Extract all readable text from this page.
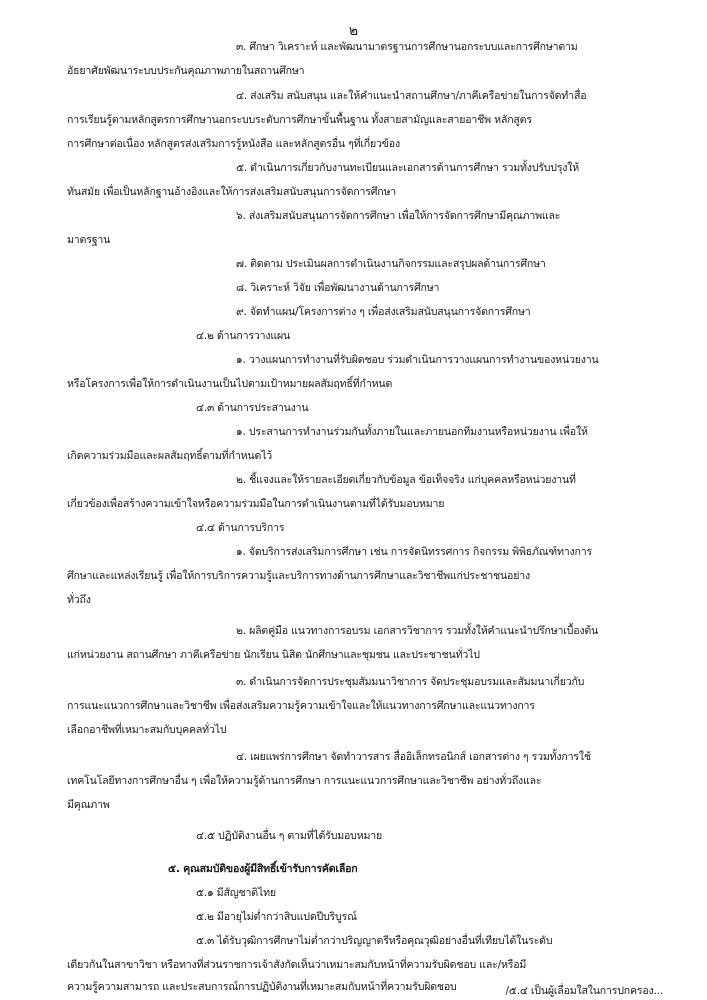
๒
๓. ศึกษา วิเคราะห์ และพัฒนามาตรฐานการศึกษานอกระบบและการศึกษาตาม
อัธยาศัยพัฒนาระบบประกันคุณภาพภายในสถานศึกษา
๔. ส่งเสริม สนับสนุน และให้คำแนะนำสถานศึกษา/ภาคีเครือข่ายในการจัดทำสื่อ
การเรียนรู้ตามหลักสูตรการศึกษานอกระบบระดับการศึกษาขั้นพื้นฐาน ทั้งสายสามัญและสายอาชีพ หลักสูตร
การศึกษาต่อเนื่อง หลักสูตรส่งเสริมการรู้หนังสือ และหลักสูตรอื่น ๆที่เกี่ยวข้อง
๕. ดำเนินการเกี่ยวกับงานทะเบียนและเอกสารด้านการศึกษา รวมทั้งปรับปรุงให้
ทันสมัย เพื่อเป็นหลักฐานอ้างอิงและให้การส่งเสริมสนับสนุนการจัดการศึกษา
๖. ส่งเสริมสนับสนุนการจัดการศึกษา เพื่อให้การจัดการศึกษามีคุณภาพและ
มาตรฐาน
๗. ติดตาม ประเมินผลการดำเนินงานกิจกรรมและสรุปผลด้านการศึกษา
๘. วิเคราะห์ วิจัย เพื่อพัฒนางานด้านการศึกษา
๙. จัดทำแผน/โครงการต่าง ๆ เพื่อส่งเสริมสนับสนุนการจัดการศึกษา
๔.๒ ด้านการวางแผน
๑. วางแผนการทำงานที่รับผิดชอบ ร่วมดำเนินการวางแผนการทำงานของหน่วยงาน
หรือโครงการเพื่อให้การดำเนินงานเป็นไปตามเป้าหมายผลสัมฤทธิ์ที่กำหนด
๔.๓ ด้านการประสานงาน
๑. ประสานการทำงานร่วมกันทั้งภายในและภายนอกทีมงานหรือหน่วยงาน เพื่อให้
เกิดความร่วมมือและผลสัมฤทธิ์ตามที่กำหนดไว้
๒. ชี้แจงและให้รายละเอียดเกี่ยวกับข้อมูล ข้อเท็จจริง แก่บุคคลหรือหน่วยงานที่
เกี่ยวข้องเพื่อสร้างความเข้าใจหรือความร่วมมือในการดำเนินงานตามที่ได้รับมอบหมาย
๔.๔ ด้านการบริการ
๑. จัดบริการส่งเสริมการศึกษา เช่น การจัดนิทรรศการ กิจกรรม พิพิธภัณฑ์ทางการ
ศึกษาและแหล่งเรียนรู้ เพื่อให้การบริการความรู้และบริการทางด้านการศึกษาและวิชาชีพแก่ประชาชนอย่าง
ทั่วถึง
๒. ผลิตคู่มือ แนวทางการอบรม เอกสารวิชาการ รวมทั้งให้คำแนะนำปรึกษาเบื้องต้น
แก่หน่วยงาน สถานศึกษา ภาคีเครือข่าย นักเรียน นิสิต นักศึกษาและชุมชน และประชาชนทั่วไป
๓. ดำเนินการจัดการประชุมสัมมนาวิชาการ จัดประชุมอบรมและสัมมนาเกี่ยวกับ
การแนะแนวการศึกษาและวิชาชีพ เพื่อส่งเสริมความรู้ความเข้าใจและให้แนวทางการศึกษาและแนวทางการ
เลือกอาชีพที่เหมาะสมกับบุคคลทั่วไป
๔. เผยแพร่การศึกษา จัดทำวารสาร สื่ออิเล็กทรอนิกส์ เอกสารต่าง ๆ รวมทั้งการใช้
เทคโนโลยีทางการศึกษาอื่น ๆ เพื่อให้ความรู้ด้านการศึกษา การแนะแนวการศึกษาและวิชาชีพ อย่างทั่วถึงและ
มีคุณภาพ
๔.๕ ปฏิบัติงานอื่น ๆ ตามที่ได้รับมอบหมาย
๕. คุณสมบัติของผู้มีสิทธิ์เข้ารับการคัดเลือก
๕.๑ มีสัญชาติไทย
๕.๒ มีอายุไม่ต่ำกว่าสิบแปดปีบริบูรณ์
๕.๓ ได้รับวุฒิการศึกษาไม่ต่ำกว่าปริญญาตรีหรือคุณวุฒิอย่างอื่นที่เทียบได้ในระดับ
เดียวกันในสาขาวิชา หรือทางที่ส่วนราชการเจ้าสังกัดเห็นว่าเหมาะสมกับหน้าที่ความรับผิดชอบ และ/หรือมี
ความรู้ความสามารถ และประสบการณ์การปฏิบัติงานที่เหมาะสมกับหน้าที่ความรับผิดชอบ	/๕.๔ เป็นผู้เลื่อมใสในการปกครอง...
